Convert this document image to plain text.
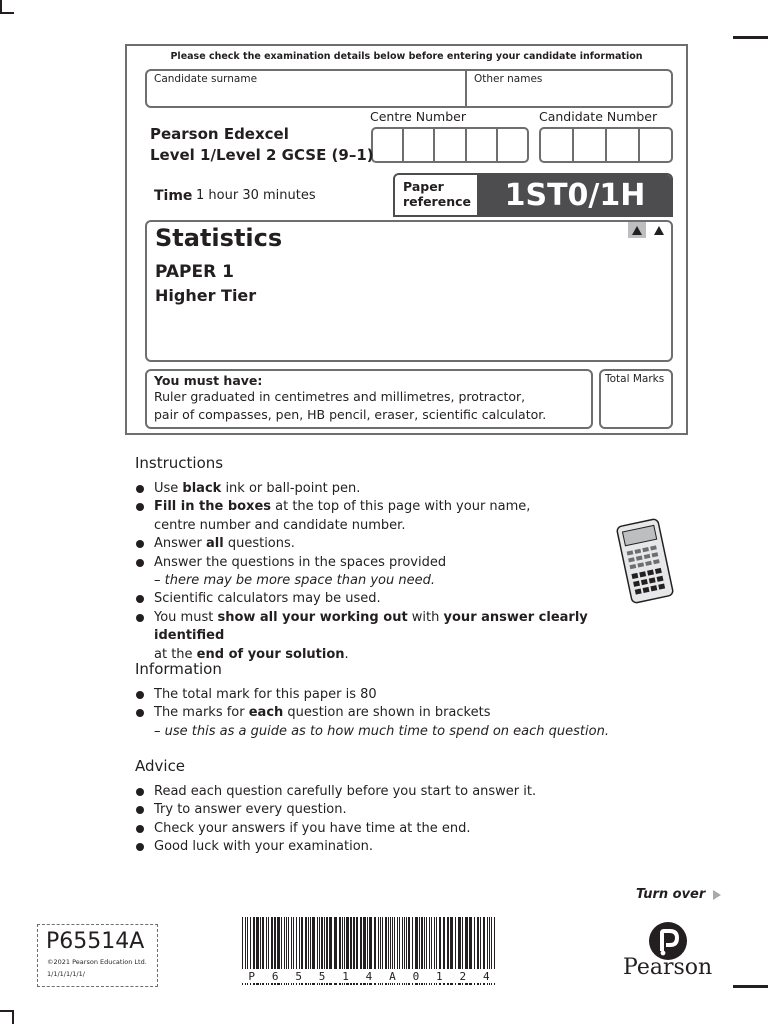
Please check the examination details below before entering your candidate information
Candidate surname	Other names
Centre Number	Candidate Number
Pearson Edexcel
Level 1/Level 2 GCSE (9–1)
Time 1 hour 30 minutes
Paper reference	1ST0/1H
Statistics
PAPER 1
Higher Tier
You must have:
Ruler graduated in centimetres and millimetres, protractor,
pair of compasses, pen, HB pencil, eraser, scientific calculator.
Total Marks
Instructions
Use black ink or ball-point pen.
Fill in the boxes at the top of this page with your name,
centre number and candidate number.
Answer all questions.
Answer the questions in the spaces provided
– there may be more space than you need.
Scientific calculators may be used.
You must show all your working out with your answer clearly identified
at the end of your solution.
Information
The total mark for this paper is 80
The marks for each question are shown in brackets
– use this as a guide as to how much time to spend on each question.
Advice
Read each question carefully before you start to answer it.
Try to answer every question.
Check your answers if you have time at the end.
Good luck with your examination.
Turn over
P65514A
©2021 Pearson Education Ltd.
1/1/1/1/1/1/	P 6 5 5 1 4 A 0 1 2 4	Pearson
